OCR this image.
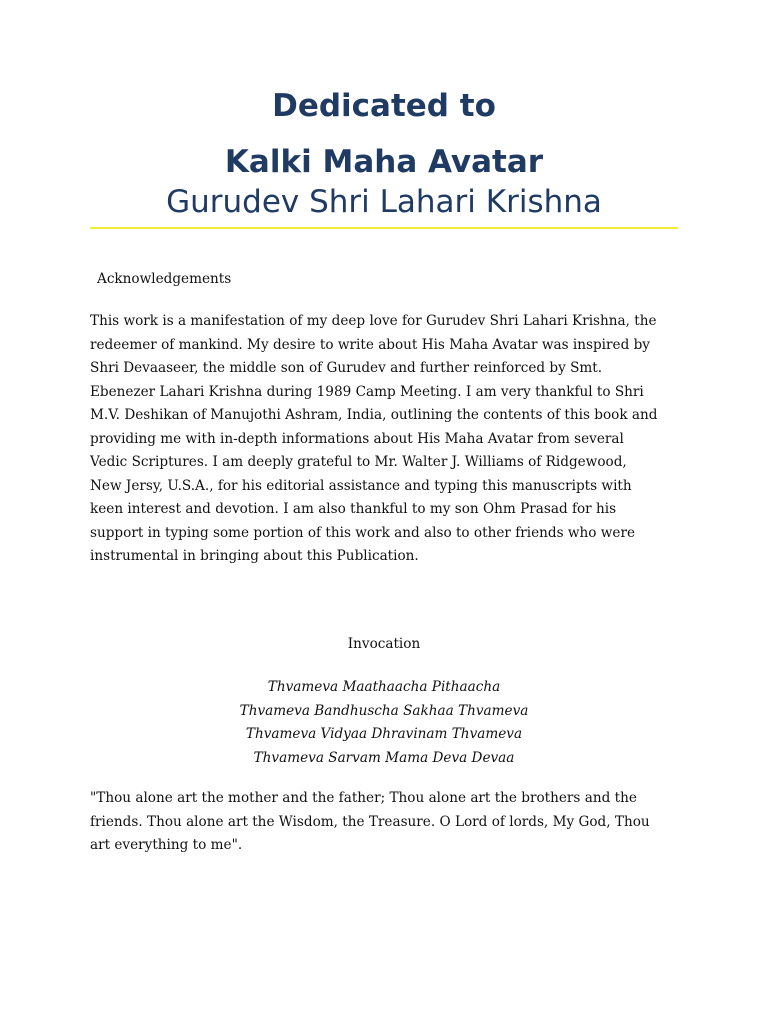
Dedicated to
Kalki Maha Avatar
Gurudev Shri Lahari Krishna
Acknowledgements
This work is a manifestation of my deep love for Gurudev Shri Lahari Krishna, the
redeemer of mankind. My desire to write about His Maha Avatar was inspired by
Shri Devaaseer, the middle son of Gurudev and further reinforced by Smt.
Ebenezer Lahari Krishna during 1989 Camp Meeting. I am very thankful to Shri
M.V. Deshikan of Manujothi Ashram, India, outlining the contents of this book and
providing me with in-depth informations about His Maha Avatar from several
Vedic Scriptures. I am deeply grateful to Mr. Walter J. Williams of Ridgewood,
New Jersy, U.S.A., for his editorial assistance and typing this manuscripts with
keen interest and devotion. I am also thankful to my son Ohm Prasad for his
support in typing some portion of this work and also to other friends who were
instrumental in bringing about this Publication.
Invocation
Thvameva Maathaacha Pithaacha
Thvameva Bandhuscha Sakhaa Thvameva
Thvameva Vidyaa Dhravinam Thvameva
Thvameva Sarvam Mama Deva Devaa
"Thou alone art the mother and the father; Thou alone art the brothers and the
friends. Thou alone art the Wisdom, the Treasure. O Lord of lords, My God, Thou
art everything to me".
